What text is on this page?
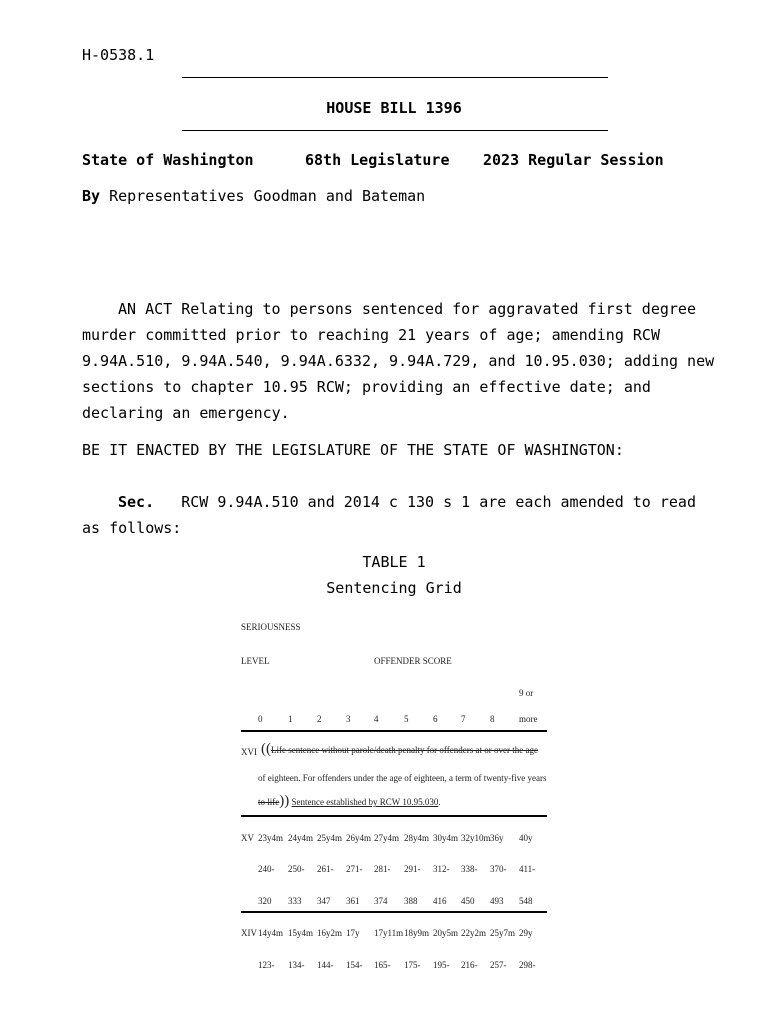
H-0538.1
HOUSE BILL 1396
State of Washington	68th Legislature 2023 Regular Session
By Representatives Goodman and Bateman
AN ACT Relating to persons sentenced for aggravated first degree murder committed prior to reaching 21 years of age; amending RCW 9.94A.510, 9.94A.540, 9.94A.6332, 9.94A.729, and 10.95.030; adding new sections to chapter 10.95 RCW; providing an effective date; and declaring an emergency.
BE IT ENACTED BY THE LEGISLATURE OF THE STATE OF WASHINGTON:
Sec. RCW 9.94A.510 and 2014 c 130 s 1 are each amended to read as follows:
TABLE 1
Sentencing Grid
SERIOUSNESS
LEVEL	OFFENDER SCORE
9 or
0	1	2	3	4	5	6	7	8	more
XVI ((Life sentence without parole/death penalty for offenders at or over the age
of eighteen. For offenders under the age of eighteen, a term of twenty-five years
to life)) Sentence established by RCW 10.95.030.
XV 23y4m 24y4m 25y4m 26y4m 27y4m 28y4m 30y4m 32y10m 36y 40y
240- 250- 261- 271- 281- 291- 312- 338- 370- 411-
320 333 347 361 374 388 416 450 493 548
XIV 14y4m 15y4m 16y2m 17y 17y11m 18y9m 20y5m 22y2m 25y7m 29y
123- 134- 144- 154- 165- 175- 195- 216- 257- 298-
